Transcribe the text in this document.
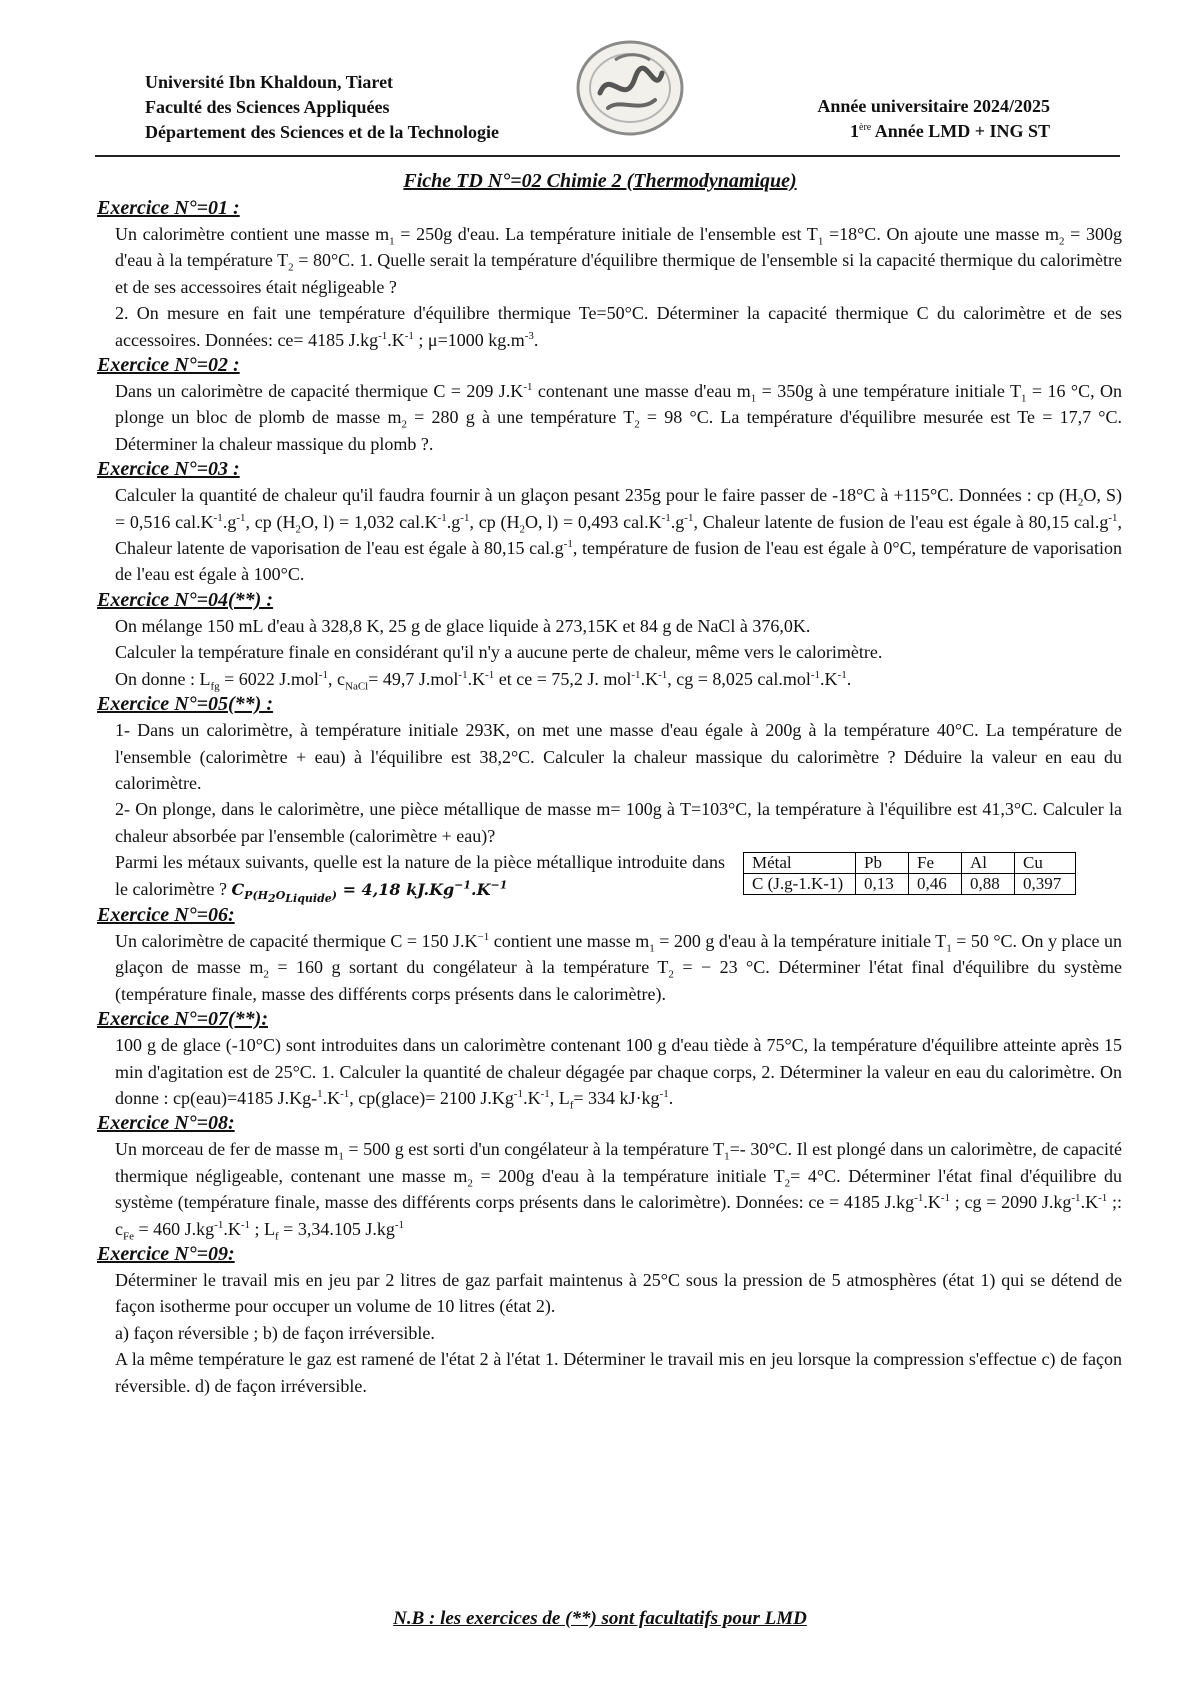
Université Ibn Khaldoun, Tiaret
Faculté des Sciences Appliquées
Département des Sciences et de la Technologie
Année universitaire 2024/2025
1ère Année LMD + ING ST
Fiche TD N°=02 Chimie 2 (Thermodynamique)

Exercice N°=01 :

Un calorimètre contient une masse $m_1 = 250g$ d'eau. La température initiale de l'ensemble est $T_1 =18^\circ C$. On ajoute une masse $m_2 = 300g$ d'eau à la température $T_2 = 80^\circ C$. 1. Quelle serait la température d'équilibre thermique de l'ensemble si la capacité thermique du calorimètre et de ses accessoires était négligeable ?
2. On mesure en fait une température d'équilibre thermique Te=50°C. Déterminer la capacité thermique C du calorimètre et de ses accessoires. Données: ce= 4185 $J.kg^{-1}.K^{-1}$ ; μ=1000 $kg.m^{-3}$.

Exercice N°=02 :

Dans un calorimètre de capacité thermique C = 209 $J.K^{-1}$ contenant une masse d'eau $m_1 = 350g$ à une température initiale $T_1 = 16$ °C, On plonge un bloc de plomb de masse $m_2 = 280$ g à une température $T_2 = 98$ °C. La température d'équilibre mesurée est Te = 17,7 °C. Déterminer la chaleur massique du plomb ?.

Exercice N°=03 :

Calculer la quantité de chaleur qu'il faudra fournir à un glaçon pesant 235g pour le faire passer de -18°C à +115°C. Données : cp ($H_2O$, S) = 0,516 $cal.K^{-1}.g^{-1}$, cp ($H_2O$, l) = 1,032 $cal.K^{-1}.g^{-1}$, cp ($H_2O$, l) = 0,493 $cal.K^{-1}.g^{-1}$, Chaleur latente de fusion de l'eau est égale à 80,15 $cal.g^{-1}$, Chaleur latente de vaporisation de l'eau est égale à 80,15 $cal.g^{-1}$, température de fusion de l'eau est égale à 0°C, température de vaporisation de l'eau est égale à 100°C.

Exercice N°=04(**) :

On mélange 150 mL d'eau à 328,8 K, 25 g de glace liquide à 273,15K et 84 g de NaCl à 376,0K.
Calculer la température finale en considérant qu'il n'y a aucune perte de chaleur, même vers le calorimètre.
On donne : $L_{fg} = 6022$ J.mol$^{-1}$, $c_{NaCl}= 49,7$ $J.mol^{-1}.K^{-1}$ et ce = 75,2 J. $mol^{-1}.K^{-1}$, cg = 8,025 $cal.mol^{-1}.K^{-1}$.

Exercice N°=05(**) :

1- Dans un calorimètre, à température initiale 293K, on met une masse d'eau égale à 200g à la température 40°C. La température de l'ensemble (calorimètre + eau) à l'équilibre est 38,2°C. Calculer la chaleur massique du calorimètre ? Déduire la valeur en eau du calorimètre.
2- On plonge, dans le calorimètre, une pièce métallique de masse m= 100g à T=103°C, la température à l'équilibre est 41,3°C. Calculer la chaleur absorbée par l'ensemble (calorimètre + eau)?

Parmi les métaux suivants, quelle est la nature de la pièce métallique introduite dans le calorimètre ? $C_{P(H_2O_{Liquide})} = 4,18$ $kJ.Kg^{-1}.K^{-1}$

Métal	Pb	Fe	Al	Cu
C (J.g-1.K-1)	0,13	0,46	0,88	0,397

Exercice N°=06:

Un calorimètre de capacité thermique C = 150 $J.K^{-1}$ contient une masse $m_1 = 200$ g d'eau à la température initiale $T_1 = 50$ °C. On y place un glaçon de masse $m_2 = 160$ g sortant du congélateur à la température $T_2$ = − 23 °C. Déterminer l'état final d'équilibre du système (température finale, masse des différents corps présents dans le calorimètre).

Exercice N°=07(**):

100 g de glace (-10°C) sont introduites dans un calorimètre contenant 100 g d'eau tiède à 75°C, la température d'équilibre atteinte après 15 min d'agitation est de 25°C. 1. Calculer la quantité de chaleur dégagée par chaque corps, 2. Déterminer la valeur en eau du calorimètre. On donne : cp(eau)=4185 $J.Kg-^1.K^{-1}$, cp(glace)= 2100 $J.Kg^{-1}.K^{-1}$, $L_f= 334$ $kJ\cdot kg^{-1}$.

Exercice N°=08:

Un morceau de fer de masse $m_1 = 500$ g est sorti d'un congélateur à la température $T_1=-$ 30°C. Il est plongé dans un calorimètre, de capacité thermique négligeable, contenant une masse $m_2 = 200g$ d'eau à la température initiale $T_2= 4^\circ C$. Déterminer l'état final d'équilibre du système (température finale, masse des différents corps présents dans le calorimètre). Données: ce = 4185 $J.kg^{-1}.K^{-1}$ ; cg = 2090 $J.kg^{-1}.K^{-1}$ ;: $c_{Fe} = 460$ $J.kg^{-1}.K^{-1}$ ; $L_f = 3,34.105$ $J.kg^{-1}$

Exercice N°=09:

Déterminer le travail mis en jeu par 2 litres de gaz parfait maintenus à 25°C sous la pression de 5 atmosphères (état 1) qui se détend de façon isotherme pour occuper un volume de 10 litres (état 2).
a) façon réversible ; b) de façon irréversible.
A la même température le gaz est ramené de l'état 2 à l'état 1. Déterminer le travail mis en jeu lorsque la compression s'effectue c) de façon réversible. d) de façon irréversible.

N.B : les exercices de (**) sont facultatifs pour LMD
